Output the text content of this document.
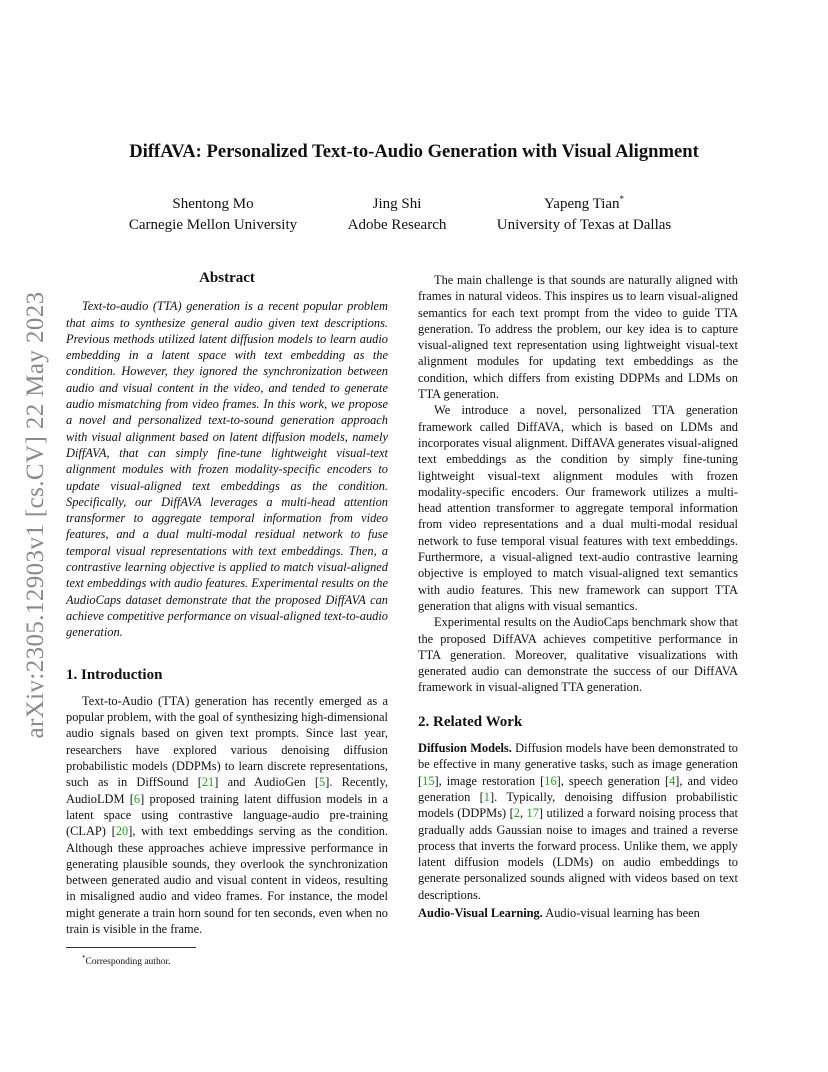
arXiv:2305.12903v1 [cs.CV] 22 May 2023
DiffAVA: Personalized Text-to-Audio Generation with Visual Alignment
Shentong Mo
Carnegie Mellon University
Jing Shi
Adobe Research
Yapeng Tian*
University of Texas at Dallas
Abstract

Text-to-audio (TTA) generation is a recent popular problem that aims to synthesize general audio given text descriptions. Previous methods utilized latent diffusion models to learn audio embedding in a latent space with text embedding as the condition. However, they ignored the synchronization between audio and visual content in the video, and tended to generate audio mismatching from video frames. In this work, we propose a novel and personalized text-to-sound generation approach with visual alignment based on latent diffusion models, namely DiffAVA, that can simply fine-tune lightweight visual-text alignment modules with frozen modality-specific encoders to update visual-aligned text embeddings as the condition. Specifically, our DiffAVA leverages a multi-head attention transformer to aggregate temporal information from video features, and a dual multi-modal residual network to fuse temporal visual representations with text embeddings. Then, a contrastive learning objective is applied to match visual-aligned text embeddings with audio features. Experimental results on the AudioCaps dataset demonstrate that the proposed DiffAVA can achieve competitive performance on visual-aligned text-to-audio generation.

1. Introduction

Text-to-Audio (TTA) generation has recently emerged as a popular problem, with the goal of synthesizing high-dimensional audio signals based on given text prompts. Since last year, researchers have explored various denoising diffusion probabilistic models (DDPMs) to learn discrete representations, such as in DiffSound [21] and AudioGen [5]. Recently, AudioLDM [6] proposed training latent diffusion models in a latent space using contrastive language-audio pre-training (CLAP) [20], with text embeddings serving as the condition. Although these approaches achieve impressive performance in generating plausible sounds, they overlook the synchronization between generated audio and visual content in videos, resulting in misaligned audio and video frames. For instance, the model might generate a train horn sound for ten seconds, even when no train is visible in the frame.

The main challenge is that sounds are naturally aligned with frames in natural videos. This inspires us to learn visual-aligned semantics for each text prompt from the video to guide TTA generation. To address the problem, our key idea is to capture visual-aligned text representation using lightweight visual-text alignment modules for updating text embeddings as the condition, which differs from existing DDPMs and LDMs on TTA generation.

We introduce a novel, personalized TTA generation framework called DiffAVA, which is based on LDMs and incorporates visual alignment. DiffAVA generates visual-aligned text embeddings as the condition by simply fine-tuning lightweight visual-text alignment modules with frozen modality-specific encoders. Our framework utilizes a multi-head attention transformer to aggregate temporal information from video representations and a dual multi-modal residual network to fuse temporal visual features with text embeddings. Furthermore, a visual-aligned text-audio contrastive learning objective is employed to match visual-aligned text semantics with audio features. This new framework can support TTA generation that aligns with visual semantics.

Experimental results on the AudioCaps benchmark show that the proposed DiffAVA achieves competitive performance in TTA generation. Moreover, qualitative visualizations with generated audio can demonstrate the success of our DiffAVA framework in visual-aligned TTA generation.

2. Related Work

Diffusion Models. Diffusion models have been demonstrated to be effective in many generative tasks, such as image generation [15], image restoration [16], speech generation [4], and video generation [1]. Typically, denoising diffusion probabilistic models (DDPMs) [2, 17] utilized a forward noising process that gradually adds Gaussian noise to images and trained a reverse process that inverts the forward process. Unlike them, we apply latent diffusion models (LDMs) on audio embeddings to generate personalized sounds aligned with videos based on text descriptions.

Audio-Visual Learning. Audio-visual learning has been

*Corresponding author.
